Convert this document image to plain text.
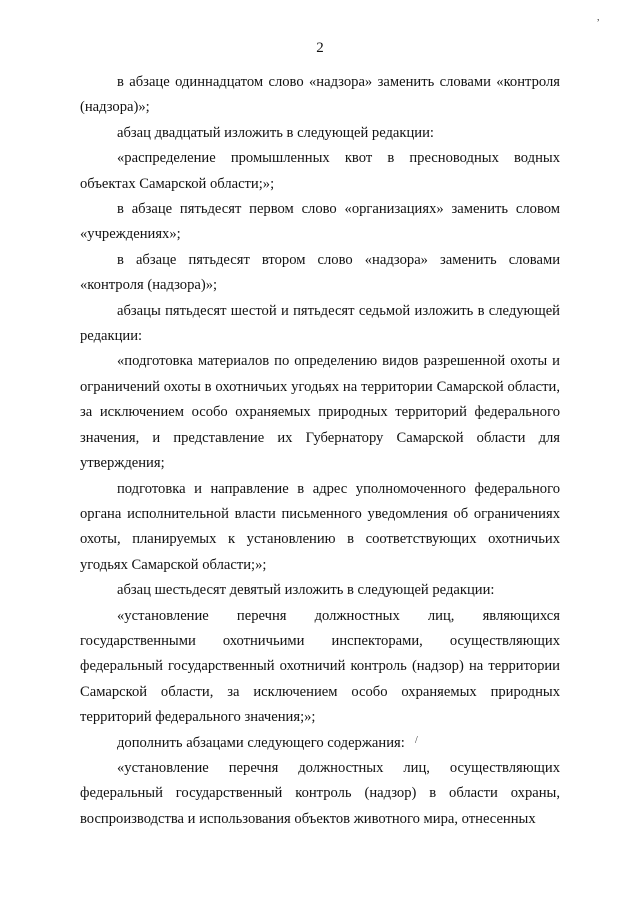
2
,
/

в абзаце одиннадцатом слово «надзора» заменить словами «контроля (надзора)»;

абзац двадцатый изложить в следующей редакции:

«распределение промышленных квот в пресноводных водных объектах Самарской области;»;

в абзаце пятьдесят первом слово «организациях» заменить словом «учреждениях»;

в абзаце пятьдесят втором слово «надзора» заменить словами «контроля (надзора)»;

абзацы пятьдесят шестой и пятьдесят седьмой изложить в следующей редакции:

«подготовка материалов по определению видов разрешенной охоты и ограничений охоты в охотничьих угодьях на территории Самарской области, за исключением особо охраняемых природных территорий федерального значения, и представление их Губернатору Самарской области для утверждения;

подготовка и направление в адрес уполномоченного федерального органа исполнительной власти письменного уведомления об ограничениях охоты, планируемых к установлению в соответствующих охотничьих угодьях Самарской области;»;

абзац шестьдесят девятый изложить в следующей редакции:

«установление перечня должностных лиц, являющихся государственными охотничьими инспекторами, осуществляющих федеральный государственный охотничий контроль (надзор) на территории Самарской области, за исключением особо охраняемых природных территорий федерального значения;»;

дополнить абзацами следующего содержания:

«установление перечня должностных лиц, осуществляющих федеральный государственный контроль (надзор) в области охраны, воспроизводства и использования объектов животного мира, отнесенных
